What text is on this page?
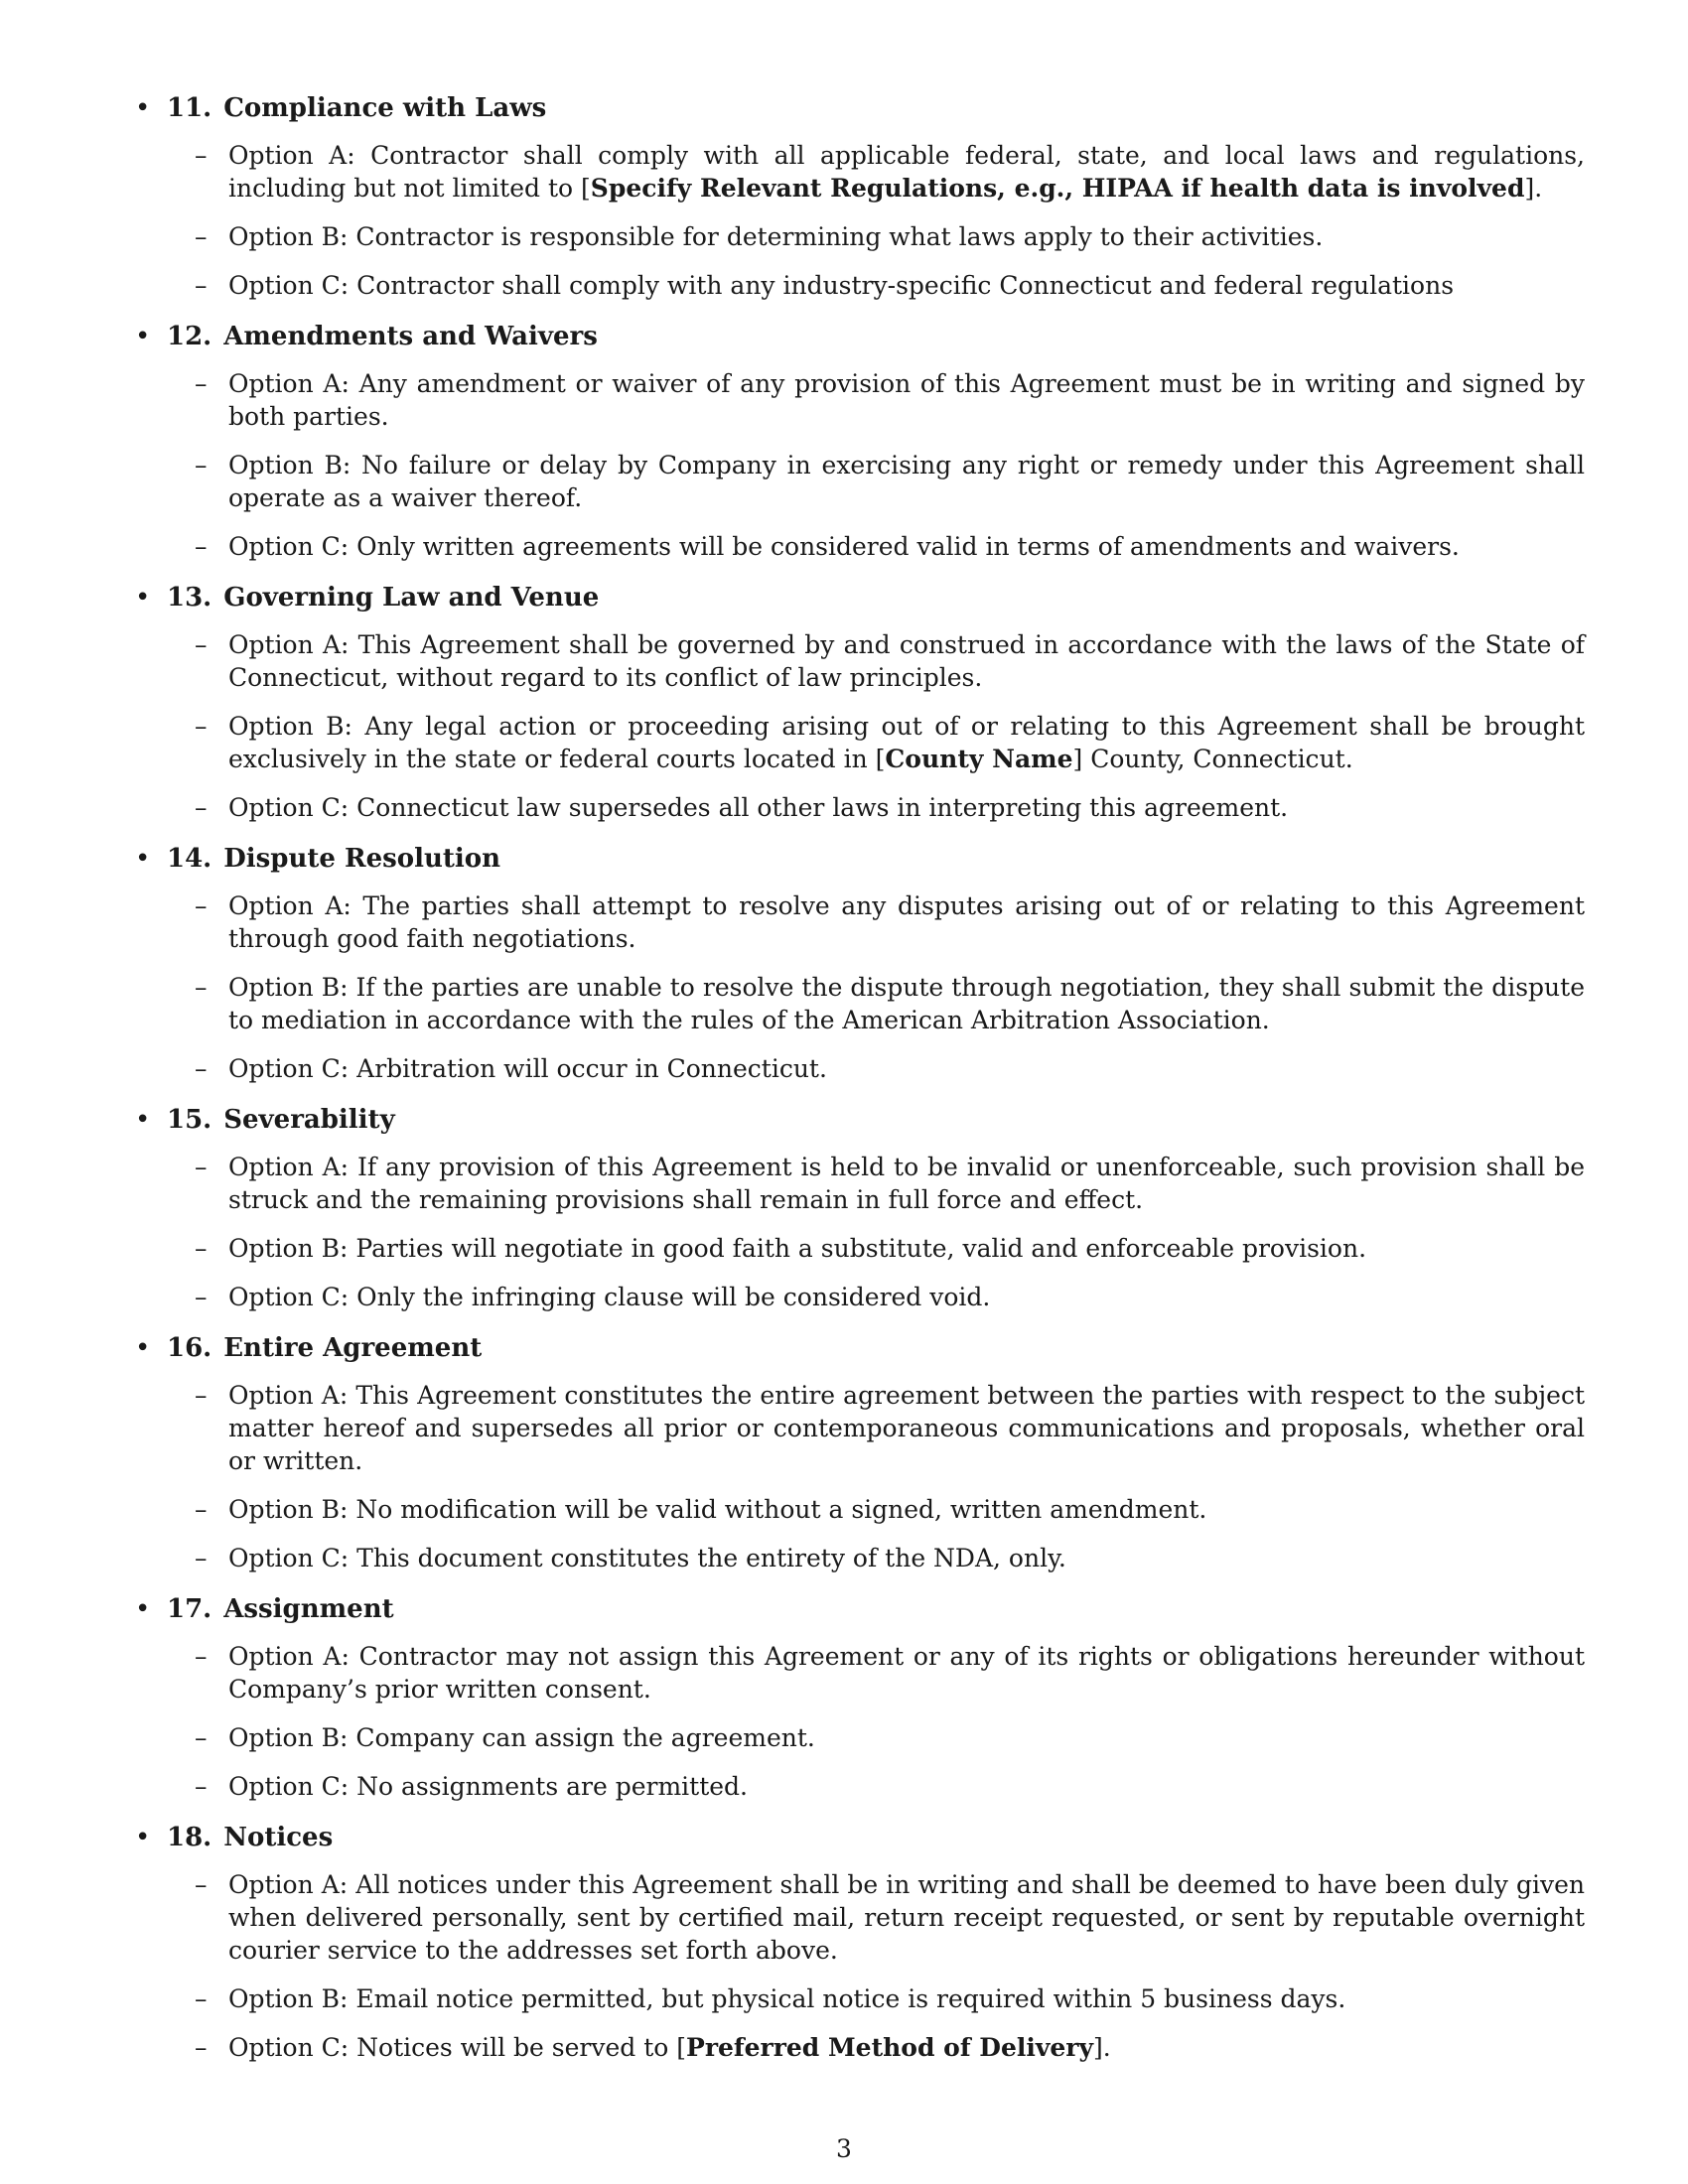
• 11. Compliance with Laws
– Option A: Contractor shall comply with all applicable federal, state, and local laws and regulations, including but not limited to [Specify Relevant Regulations, e.g., HIPAA if health data is involved].
– Option B: Contractor is responsible for determining what laws apply to their activities.
– Option C: Contractor shall comply with any industry-specific Connecticut and federal regulations
• 12. Amendments and Waivers
– Option A: Any amendment or waiver of any provision of this Agreement must be in writing and signed by both parties.
– Option B: No failure or delay by Company in exercising any right or remedy under this Agreement shall operate as a waiver thereof.
– Option C: Only written agreements will be considered valid in terms of amendments and waivers.
• 13. Governing Law and Venue
– Option A: This Agreement shall be governed by and construed in accordance with the laws of the State of Connecticut, without regard to its conflict of law principles.
– Option B: Any legal action or proceeding arising out of or relating to this Agreement shall be brought exclusively in the state or federal courts located in [County Name] County, Connecticut.
– Option C: Connecticut law supersedes all other laws in interpreting this agreement.
• 14. Dispute Resolution
– Option A: The parties shall attempt to resolve any disputes arising out of or relating to this Agreement through good faith negotiations.
– Option B: If the parties are unable to resolve the dispute through negotiation, they shall submit the dispute to mediation in accordance with the rules of the American Arbitration Association.
– Option C: Arbitration will occur in Connecticut.
• 15. Severability
– Option A: If any provision of this Agreement is held to be invalid or unenforceable, such provision shall be struck and the remaining provisions shall remain in full force and effect.
– Option B: Parties will negotiate in good faith a substitute, valid and enforceable provision.
– Option C: Only the infringing clause will be considered void.
• 16. Entire Agreement
– Option A: This Agreement constitutes the entire agreement between the parties with respect to the subject matter hereof and supersedes all prior or contemporaneous communications and proposals, whether oral or written.
– Option B: No modification will be valid without a signed, written amendment.
– Option C: This document constitutes the entirety of the NDA, only.
• 17. Assignment
– Option A: Contractor may not assign this Agreement or any of its rights or obligations hereunder without Company’s prior written consent.
– Option B: Company can assign the agreement.
– Option C: No assignments are permitted.
• 18. Notices
– Option A: All notices under this Agreement shall be in writing and shall be deemed to have been duly given when delivered personally, sent by certified mail, return receipt requested, or sent by reputable overnight courier service to the addresses set forth above.
– Option B: Email notice permitted, but physical notice is required within 5 business days.
– Option C: Notices will be served to [Preferred Method of Delivery].
3
